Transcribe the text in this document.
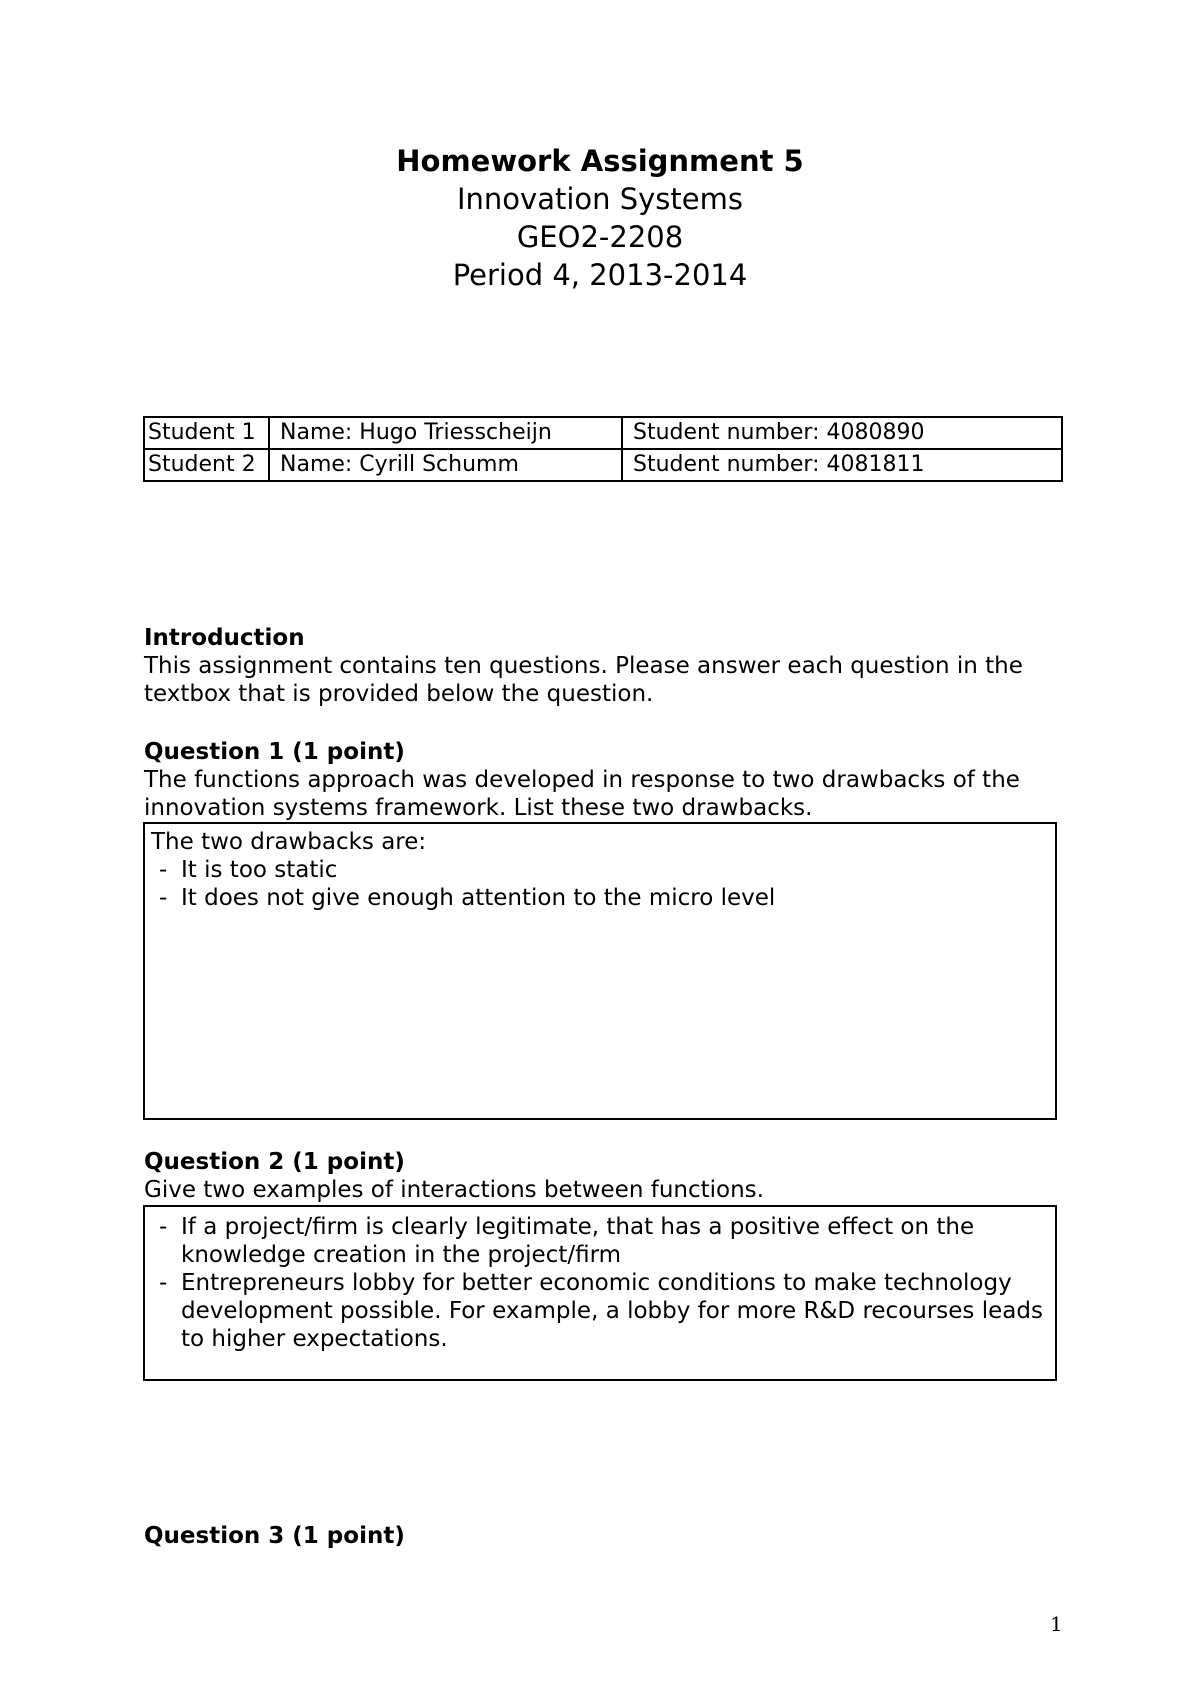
Homework Assignment 5
Innovation Systems
GEO2-2208
Period 4, 2013-2014
Student 1	Name: Hugo Triesscheijn	Student number: 4080890
Student 2	Name: Cyrill Schumm	Student number: 4081811
Introduction
This assignment contains ten questions. Please answer each question in the textbox that is provided below the question.
Question 1 (1 point)
The functions approach was developed in response to two drawbacks of the innovation systems framework. List these two drawbacks.
The two drawbacks are:
- It is too static
- It does not give enough attention to the micro level
Question 2 (1 point)
Give two examples of interactions between functions.
- If a project/firm is clearly legitimate, that has a positive effect on the knowledge creation in the project/firm
- Entrepreneurs lobby for better economic conditions to make technology development possible. For example, a lobby for more R&D recourses leads to higher expectations.
Question 3 (1 point)
1
